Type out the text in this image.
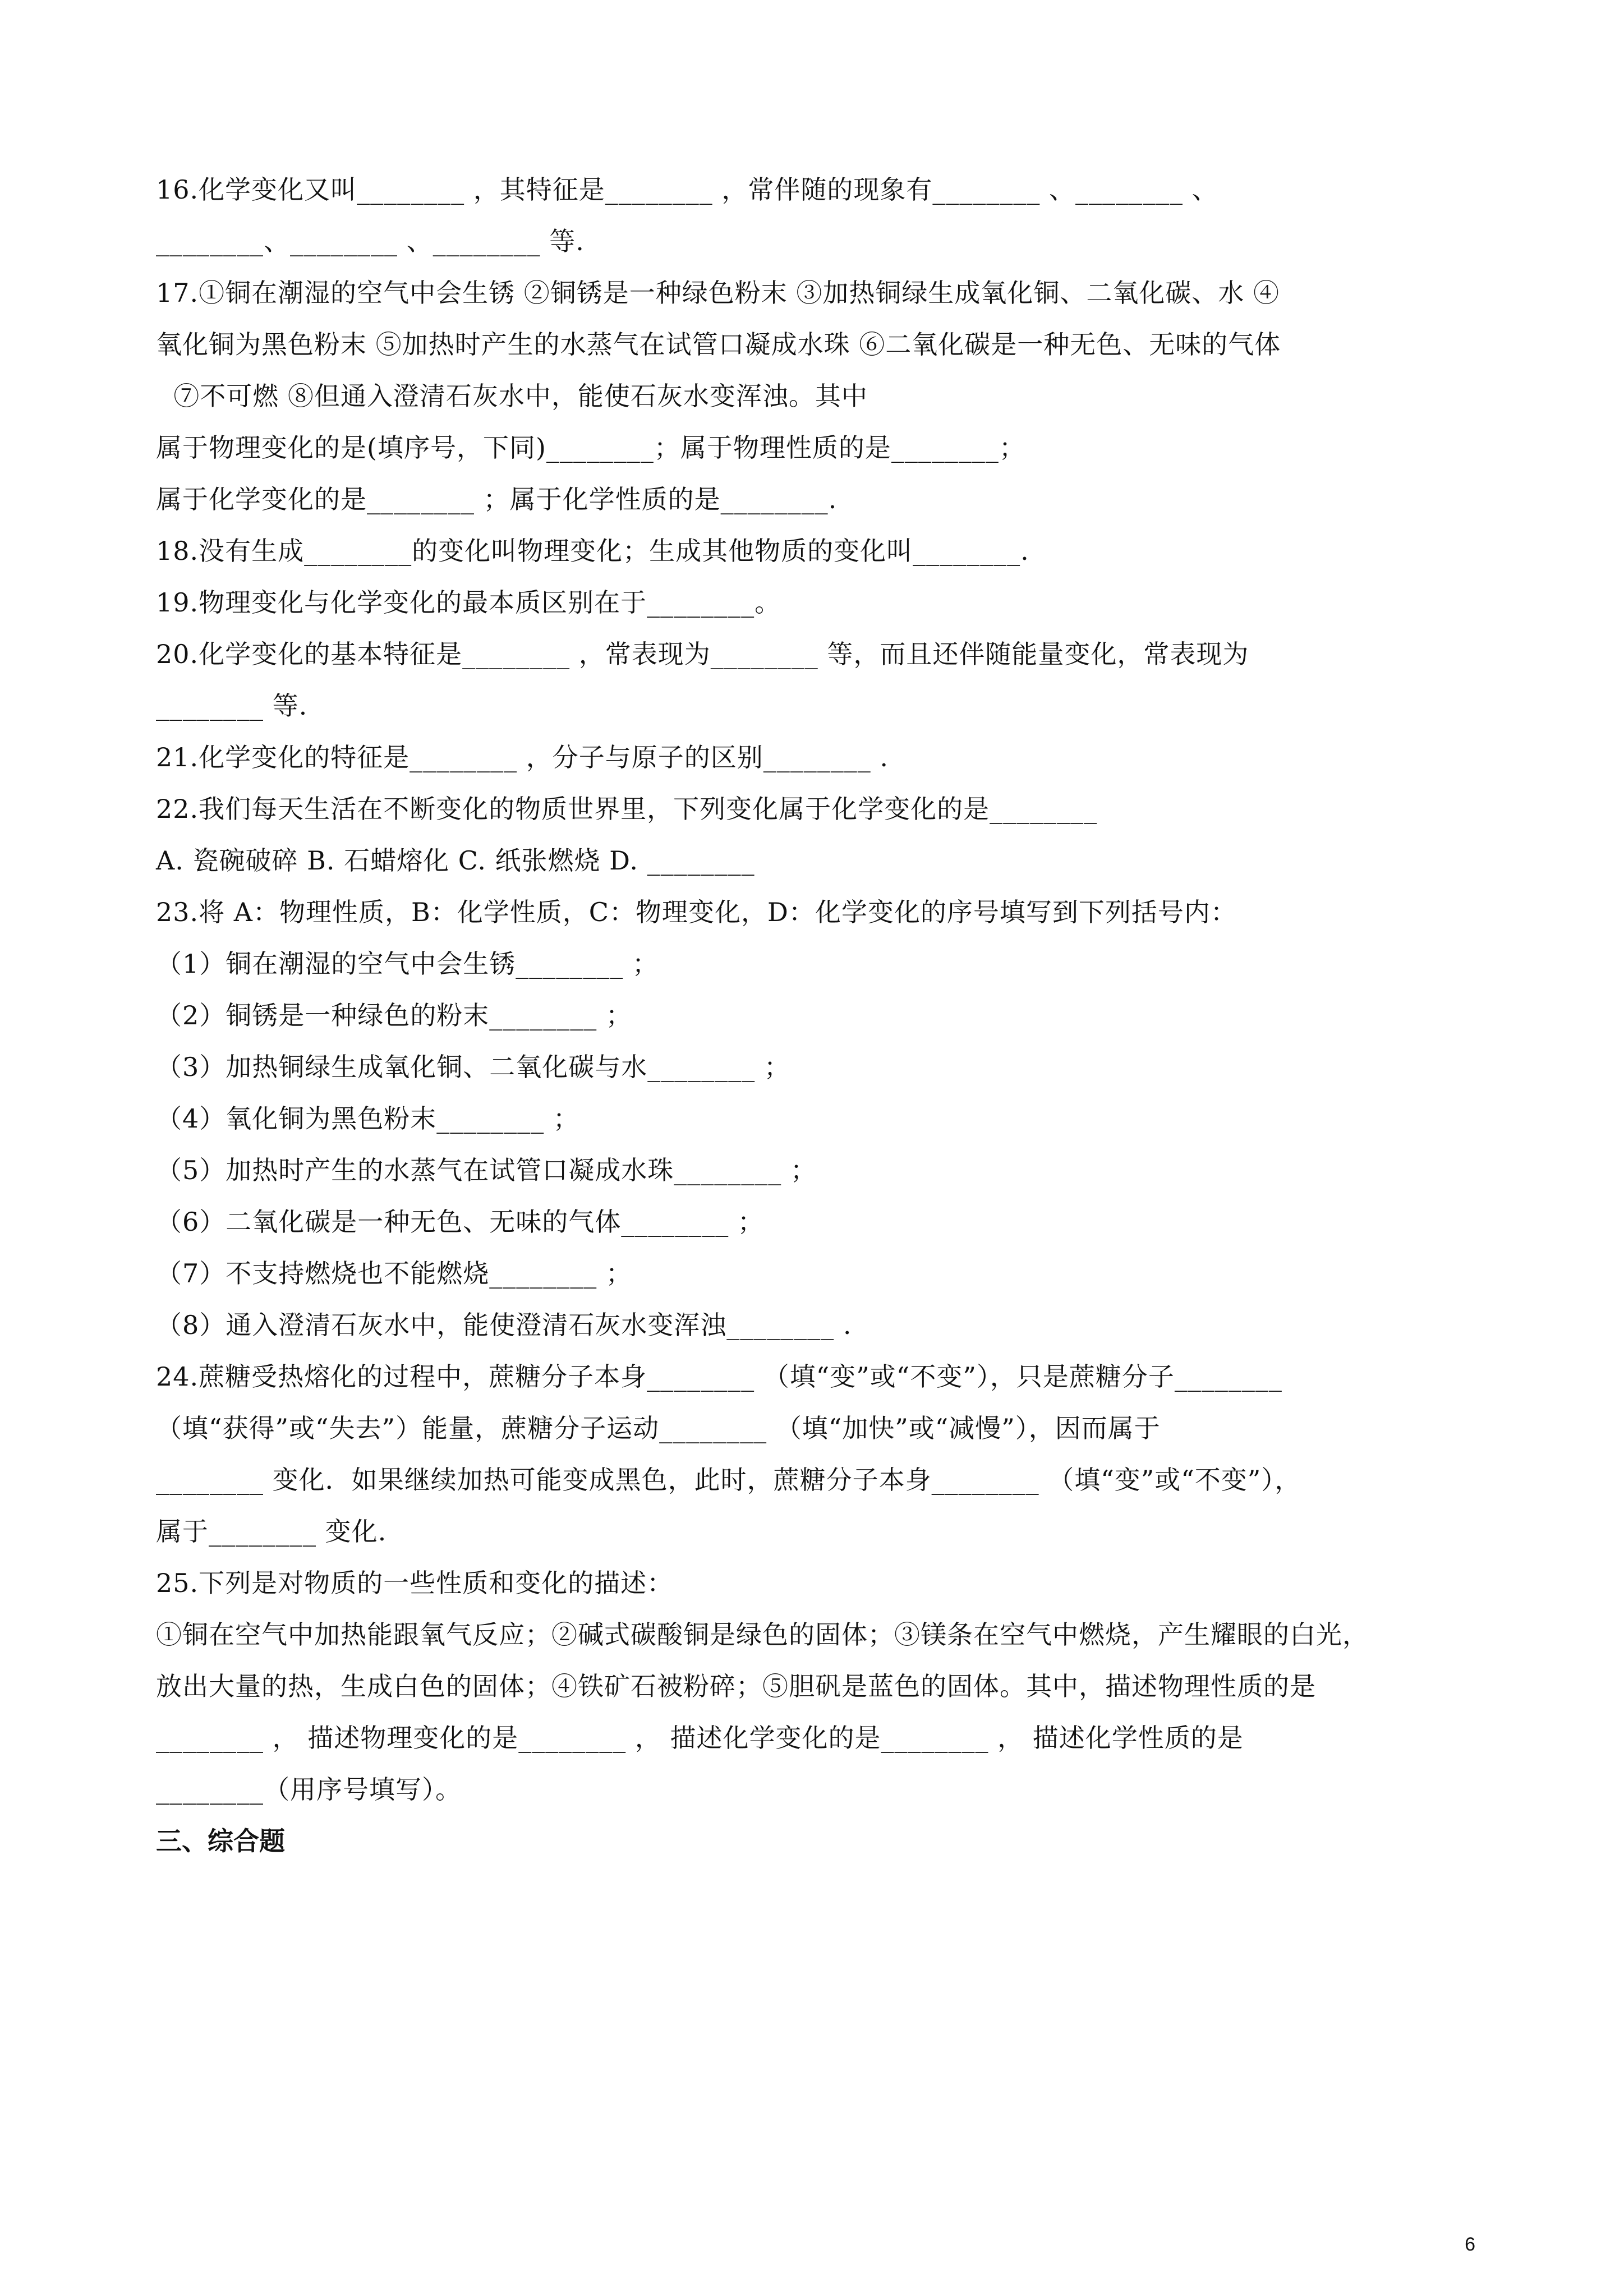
16.化学变化又叫________ ，其特征是________ ，常伴随的现象有________ 、________ 、
________、________ 、________ 等.
17.①铜在潮湿的空气中会生锈 ②铜锈是一种绿色粉末 ③加热铜绿生成氧化铜、二氧化碳、水 ④
氧化铜为黑色粉末 ⑤加热时产生的水蒸气在试管口凝成水珠 ⑥二氧化碳是一种无色、无味的气体
⑦不可燃 ⑧但通入澄清石灰水中，能使石灰水变浑浊。其中
属于物理变化的是(填序号，下同)________；属于物理性质的是________；
属于化学变化的是________ ；属于化学性质的是________.
18.没有生成________的变化叫物理变化；生成其他物质的变化叫________.
19.物理变化与化学变化的最本质区别在于________。
20.化学变化的基本特征是________ ，常表现为________ 等，而且还伴随能量变化，常表现为
________ 等.
21.化学变化的特征是________ ，分子与原子的区别________ .
22.我们每天生活在不断变化的物质世界里，下列变化属于化学变化的是________
A. 瓷碗破碎 B. 石蜡熔化 C. 纸张燃烧 D. ________
23.将 A：物理性质，B：化学性质，C：物理变化，D：化学变化的序号填写到下列括号内：
（1）铜在潮湿的空气中会生锈________ ；
（2）铜锈是一种绿色的粉末________ ；
（3）加热铜绿生成氧化铜、二氧化碳与水________ ；
（4）氧化铜为黑色粉末________ ；
（5）加热时产生的水蒸气在试管口凝成水珠________ ；
（6）二氧化碳是一种无色、无味的气体________ ；
（7）不支持燃烧也不能燃烧________ ；
（8）通入澄清石灰水中，能使澄清石灰水变浑浊________ .
24.蔗糖受热熔化的过程中，蔗糖分子本身________ （填“变”或“不变”），只是蔗糖分子________
（填“获得”或“失去”）能量，蔗糖分子运动________ （填“加快”或“减慢”），因而属于
________ 变化．如果继续加热可能变成黑色，此时，蔗糖分子本身________ （填“变”或“不变”），
属于________ 变化.
25.下列是对物质的一些性质和变化的描述：
①铜在空气中加热能跟氧气反应；②碱式碳酸铜是绿色的固体；③镁条在空气中燃烧，产生耀眼的白光，
放出大量的热，生成白色的固体；④铁矿石被粉碎；⑤胆矾是蓝色的固体。其中，描述物理性质的是
________ ， 描述物理变化的是________ ， 描述化学变化的是________ ， 描述化学性质的是
________（用序号填写）。
三、综合题
6
